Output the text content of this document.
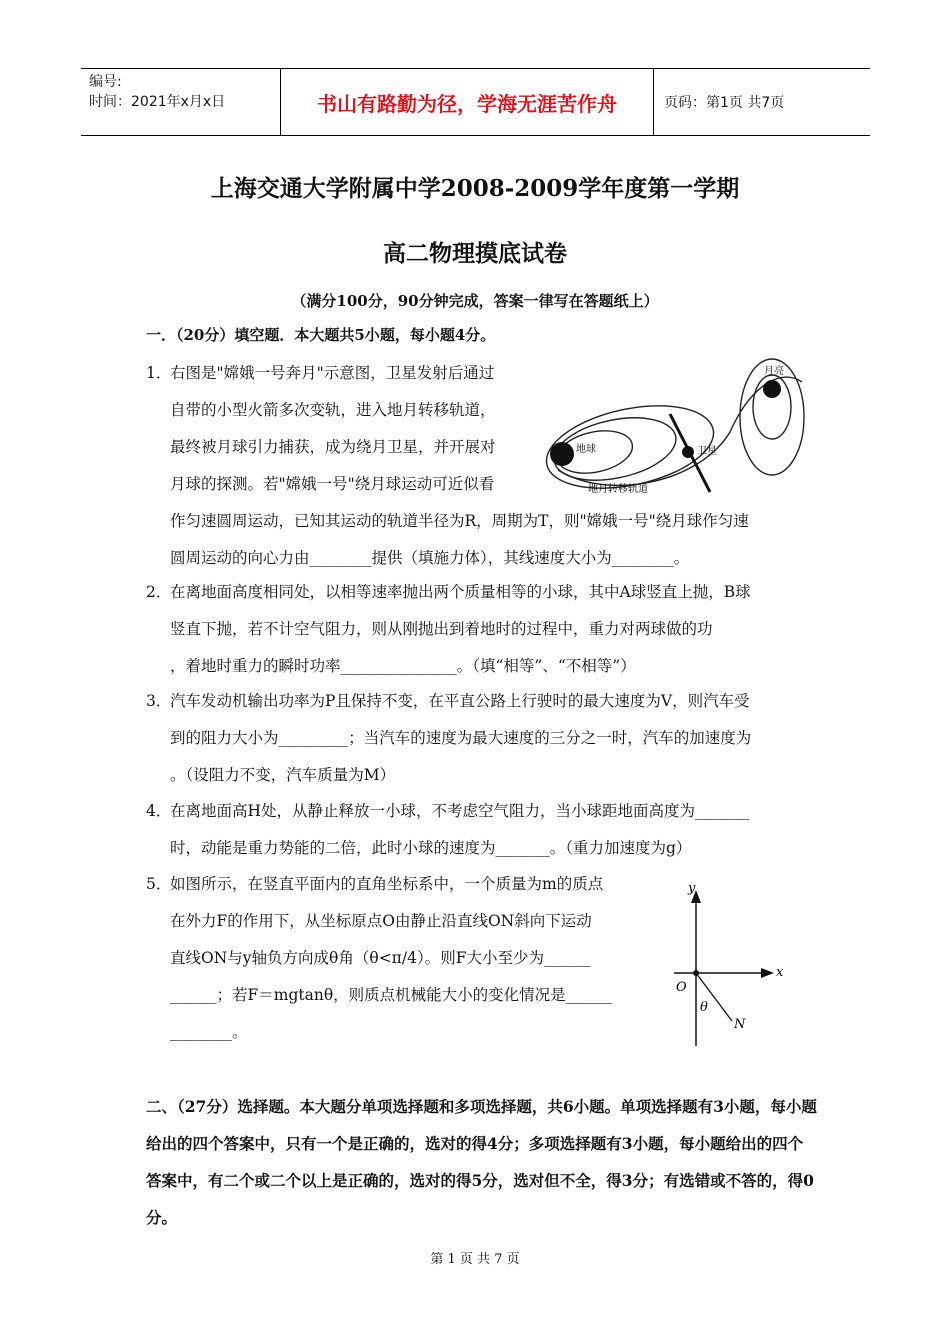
编号:
时间：2021年x月x日	书山有路勤为径，学海无涯苦作舟	页码：第1页 共7页
上海交通大学附属中学2008-2009学年度第一学期
高二物理摸底试卷
（满分100分，90分钟完成，答案一律写在答题纸上）
一．（20分）填空题．本大题共5小题，每小题4分。
1．右图是"嫦娥一号奔月"示意图，卫星发射后通过
自带的小型火箭多次变轨，进入地月转移轨道，
最终被月球引力捕获，成为绕月卫星，并开展对
月球的探测。若"嫦娥一号"绕月球运动可近似看
作匀速圆周运动，已知其运动的轨道半径为R，周期为T，则"嫦娥一号"绕月球作匀速
圆周运动的向心力由________提供（填施力体），其线速度大小为________。
月亮
地球	卫星
地月转移轨道
2．在离地面高度相同处，以相等速率抛出两个质量相等的小球，其中A球竖直上抛，B球
竖直下抛，若不计空气阻力，则从刚抛出到着地时的过程中，重力对两球做的功
，着地时重力的瞬时功率_______________。（填“相等”、“不相等”）
3．汽车发动机输出功率为P且保持不变，在平直公路上行驶时的最大速度为V，则汽车受
到的阻力大小为_________；当汽车的速度为最大速度的三分之一时，汽车的加速度为
。（设阻力不变，汽车质量为M）
4．在离地面高H处，从静止释放一小球，不考虑空气阻力，当小球距地面高度为_______
时，动能是重力势能的二倍，此时小球的速度为_______。（重力加速度为g）
5．如图所示，在竖直平面内的直角坐标系中，一个质量为m的质点
在外力F的作用下，从坐标原点O由静止沿直线ON斜向下运动
直线ON与y轴负方向成θ角（θ<π/4）。则F大小至少为______
______；若F＝mgtanθ，则质点机械能大小的变化情况是______
________。
y
x
O
θ
N
二、（27分）选择题。本大题分单项选择题和多项选择题，共6小题。单项选择题有3小题，每小题给出的四个答案中，只有一个是正确的，选对的得4分；多项选择题有3小题，每小题给出的四个答案中，有二个或二个以上是正确的，选对的得5分，选对但不全，得3分；有选错或不答的，得0分。
第 1 页 共 7 页
